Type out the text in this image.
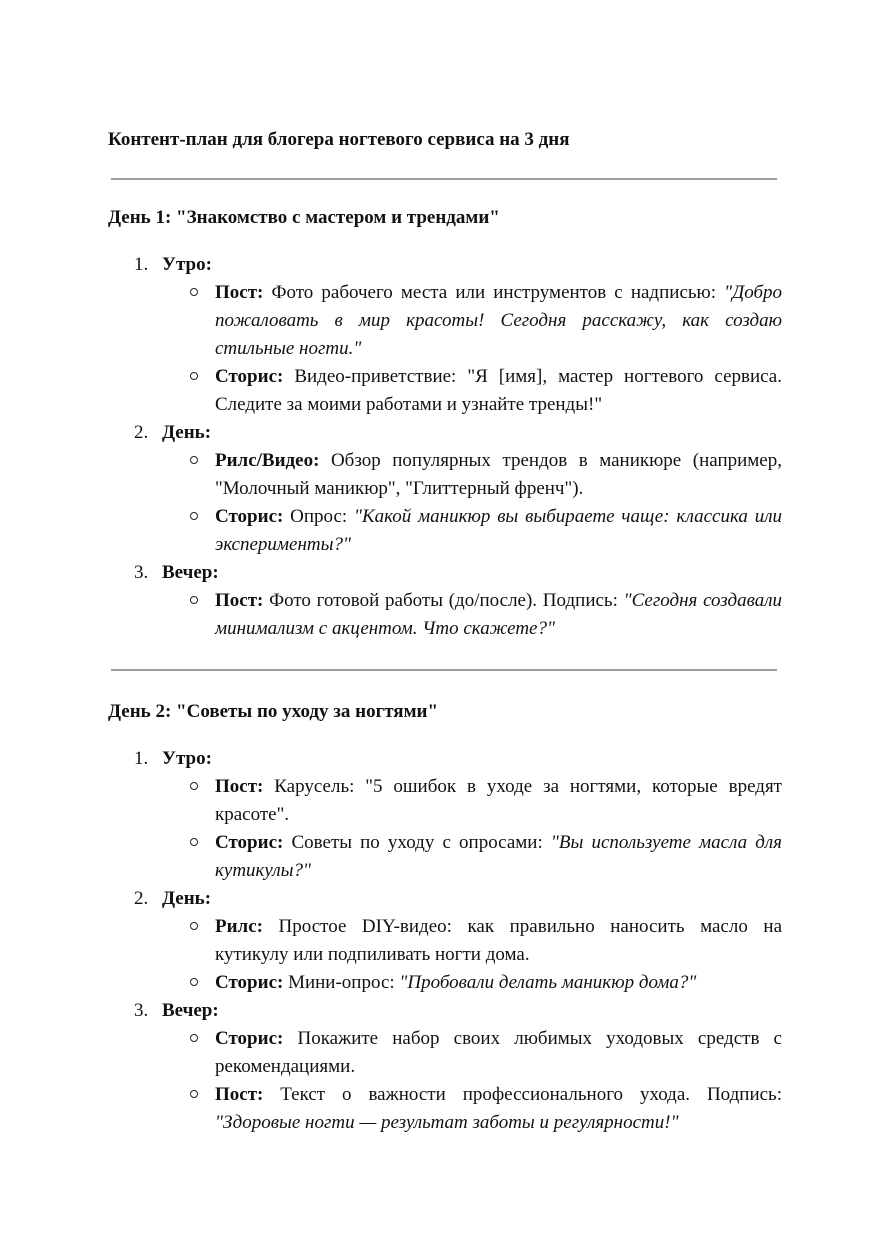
Контент-план для блогера ногтевого сервиса на 3 дня
День 1: "Знакомство с мастером и трендами"
1. Утро:
Пост: Фото рабочего места или инструментов с надписью: "Добро пожаловать в мир красоты! Сегодня расскажу, как создаю стильные ногти."
Сторис: Видео-приветствие: "Я [имя], мастер ногтевого сервиса. Следите за моими работами и узнайте тренды!"
2. День:
Рилс/Видео: Обзор популярных трендов в маникюре (например, "Молочный маникюр", "Глиттерный френч").
Сторис: Опрос: "Какой маникюр вы выбираете чаще: классика или эксперименты?"
3. Вечер:
Пост: Фото готовой работы (до/после). Подпись: "Сегодня создавали минимализм с акцентом. Что скажете?"
День 2: "Советы по уходу за ногтями"
1. Утро:
Пост: Карусель: "5 ошибок в уходе за ногтями, которые вредят красоте".
Сторис: Советы по уходу с опросами: "Вы используете масла для кутикулы?"
2. День:
Рилс: Простое DIY-видео: как правильно наносить масло на кутикулу или подпиливать ногти дома.
Сторис: Мини-опрос: "Пробовали делать маникюр дома?"
3. Вечер:
Сторис: Покажите набор своих любимых уходовых средств с рекомендациями.
Пост: Текст о важности профессионального ухода. Подпись: "Здоровые ногти — результат заботы и регулярности!"
